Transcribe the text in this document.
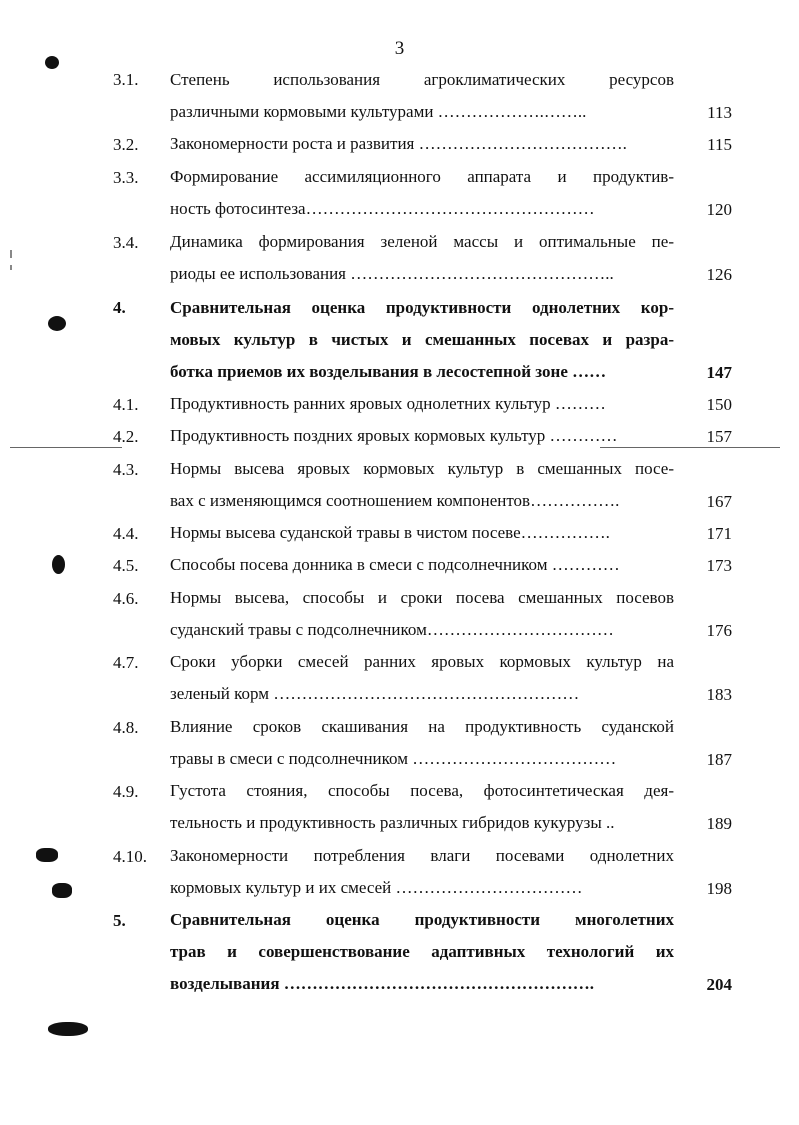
3
3.1. Степень использования агроклиматических ресурсов
различными кормовыми культурами ……………….……..	113
3.2. Закономерности роста и развития ……………………………….	115
3.3. Формирование ассимиляционного аппарата и продуктив-
ность фотосинтеза……………………………………………	120
3.4. Динамика формирования зеленой массы и оптимальные пе-
риоды ее использования ………………………………………..	126
4.	Сравнительная оценка продуктивности однолетних кор-
мовых культур в чистых и смешанных посевах и разра-
ботка приемов их возделывания в лесостепной зоне ……	147
4.1. Продуктивность ранних яровых однолетних культур ………	150
4.2. Продуктивность поздних яровых кормовых культур …………	157
4.3. Нормы высева яровых кормовых культур в смешанных посе-
вах с изменяющимся соотношением компонентов…………….	167
4.4. Нормы высева суданской травы в чистом посеве…………….	171
4.5. Способы посева донника в смеси с подсолнечником …………	173
4.6. Нормы высева, способы и сроки посева смешанных посевов
суданский травы с подсолнечником……………………………	176
4.7. Сроки уборки смесей ранних яровых кормовых культур на
зеленый корм ………………………………………………	183
4.8. Влияние сроков скашивания на продуктивность суданской
травы в смеси с подсолнечником ………………………………	187
4.9. Густота стояния, способы посева, фотосинтетическая дея-
тельность и продуктивность различных гибридов кукурузы ..	189
4.10. Закономерности потребления влаги посевами однолетних
кормовых культур и их смесей ……………………………	198
5.	Сравнительная оценка продуктивности многолетних
трав и совершенствование адаптивных технологий их
возделывания ……………………………………………….	204
